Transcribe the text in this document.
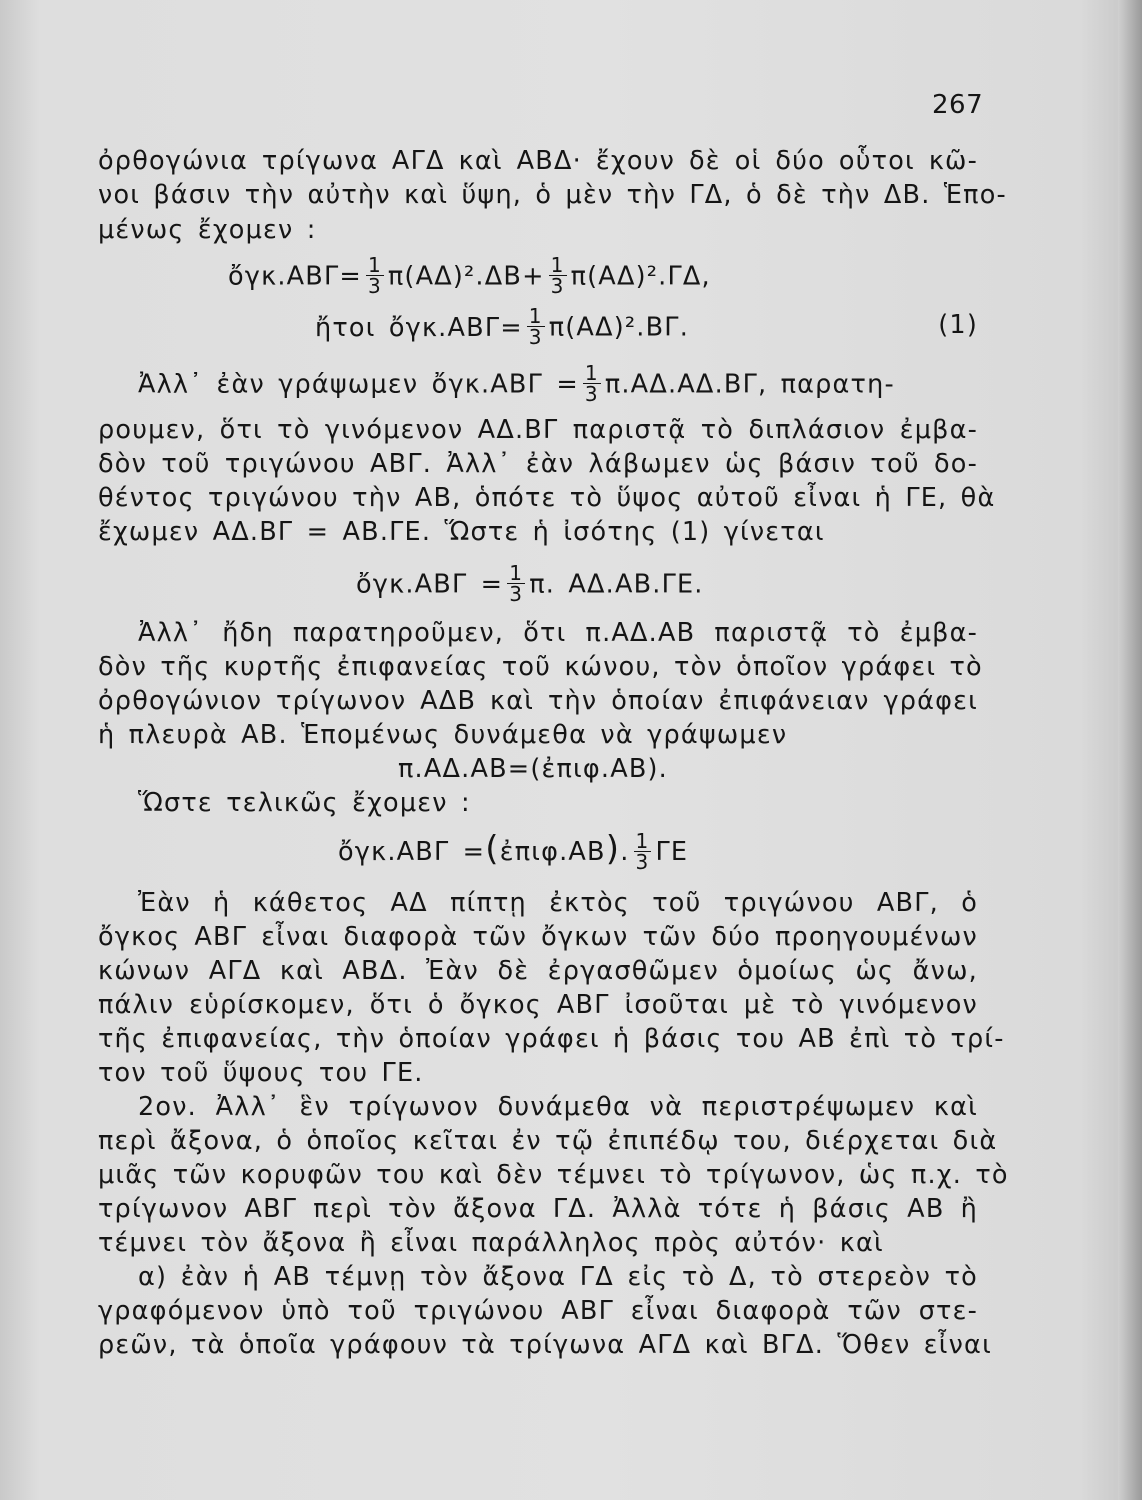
267
ὀρθογώνια τρίγωνα ΑΓΔ καὶ ΑΒΔ· ἔχουν δὲ οἱ δύο οὗτοι κῶ-
νοι βάσιν τὴν αὐτὴν καὶ ὕψη, ὁ μὲν τὴν ΓΔ, ὁ δὲ τὴν ΔΒ. Ἑπο-
μένως ἔχομεν :
ὄγκ.ΑΒΓ= $\frac{1}{3} \pi(A\Delta)^2.\Delta B+ \frac{1}{3} \pi(A\Delta)^2.\Gamma\Delta$,
ἤτοι ὄγκ.ΑΒΓ= $\frac{1}{3} \pi(A\Delta)^2.B\Gamma$.	(1)
Ἀλλ᾽ ἐὰν γράψωμεν ὄγκ.ΑΒΓ = $\frac{1}{3} \pi.A\Delta.A\Delta.B\Gamma$, παρατη-
ρουμεν, ὅτι τὸ γινόμενον ΑΔ.ΒΓ παριστᾷ τὸ διπλάσιον ἐμβα-
δὸν τοῦ τριγώνου ΑΒΓ. Ἀλλ᾽ ἐὰν λάβωμεν ὡς βάσιν τοῦ δο-
θέντος τριγώνου τὴν ΑΒ, ὁπότε τὸ ὕψος αὐτοῦ εἶναι ἡ ΓΕ, θὰ
ἔχωμεν ΑΔ.ΒΓ = ΑΒ.ΓΕ. Ὥστε ἡ ἰσότης (1) γίνεται
ὄγκ.ΑΒΓ = $\frac{1}{3} \pi$. ΑΔ.ΑΒ.ΓΕ.
Ἀλλ᾽ ἤδη παρατηροῦμεν, ὅτι π.ΑΔ.ΑΒ παριστᾷ τὸ ἐμβα-
δὸν τῆς κυρτῆς ἐπιφανείας τοῦ κώνου, τὸν ὁποῖον γράφει τὸ
ὀρθογώνιον τρίγωνον ΑΔΒ καὶ τὴν ὁποίαν ἐπιφάνειαν γράφει
ἡ πλευρὰ ΑΒ. Ἑπομένως δυνάμεθα νὰ γράψωμεν
π.ΑΔ.ΑΒ=(ἐπιφ.ΑΒ).
Ὥστε τελικῶς ἔχομεν :
ὄγκ.ΑΒΓ =(ἐπιφ.ΑΒ). $\frac{1}{3}$ ΓΕ
Ἐὰν ἡ κάθετος ΑΔ πίπτῃ ἐκτὸς τοῦ τριγώνου ΑΒΓ, ὁ
ὄγκος ΑΒΓ εἶναι διαφορὰ τῶν ὄγκων τῶν δύο προηγουμένων
κώνων ΑΓΔ καὶ ΑΒΔ. Ἐὰν δὲ ἐργασθῶμεν ὁμοίως ὡς ἄνω,
πάλιν εὑρίσκομεν, ὅτι ὁ ὄγκος ΑΒΓ ἰσοῦται μὲ τὸ γινόμενον
τῆς ἐπιφανείας, τὴν ὁποίαν γράφει ἡ βάσις του ΑΒ ἐπὶ τὸ τρί-
τον τοῦ ὕψους του ΓΕ.
2ον. Ἀλλ᾽ ἓν τρίγωνον δυνάμεθα νὰ περιστρέψωμεν καὶ
περὶ ἄξονα, ὁ ὁποῖος κεῖται ἐν τῷ ἐπιπέδῳ του, διέρχεται διὰ
μιᾶς τῶν κορυφῶν του καὶ δὲν τέμνει τὸ τρίγωνον, ὡς π.χ. τὸ
τρίγωνον ΑΒΓ περὶ τὸν ἄξονα ΓΔ. Ἀλλὰ τότε ἡ βάσις ΑΒ ἢ
τέμνει τὸν ἄξονα ἢ εἶναι παράλληλος πρὸς αὐτόν· καὶ
α) ἐὰν ἡ ΑΒ τέμνῃ τὸν ἄξονα ΓΔ εἰς τὸ Δ, τὸ στερεὸν τὸ
γραφόμενον ὑπὸ τοῦ τριγώνου ΑΒΓ εἶναι διαφορὰ τῶν στε-
ρεῶν, τὰ ὁποῖα γράφουν τὰ τρίγωνα ΑΓΔ καὶ ΒΓΔ. Ὅθεν εἶναι
